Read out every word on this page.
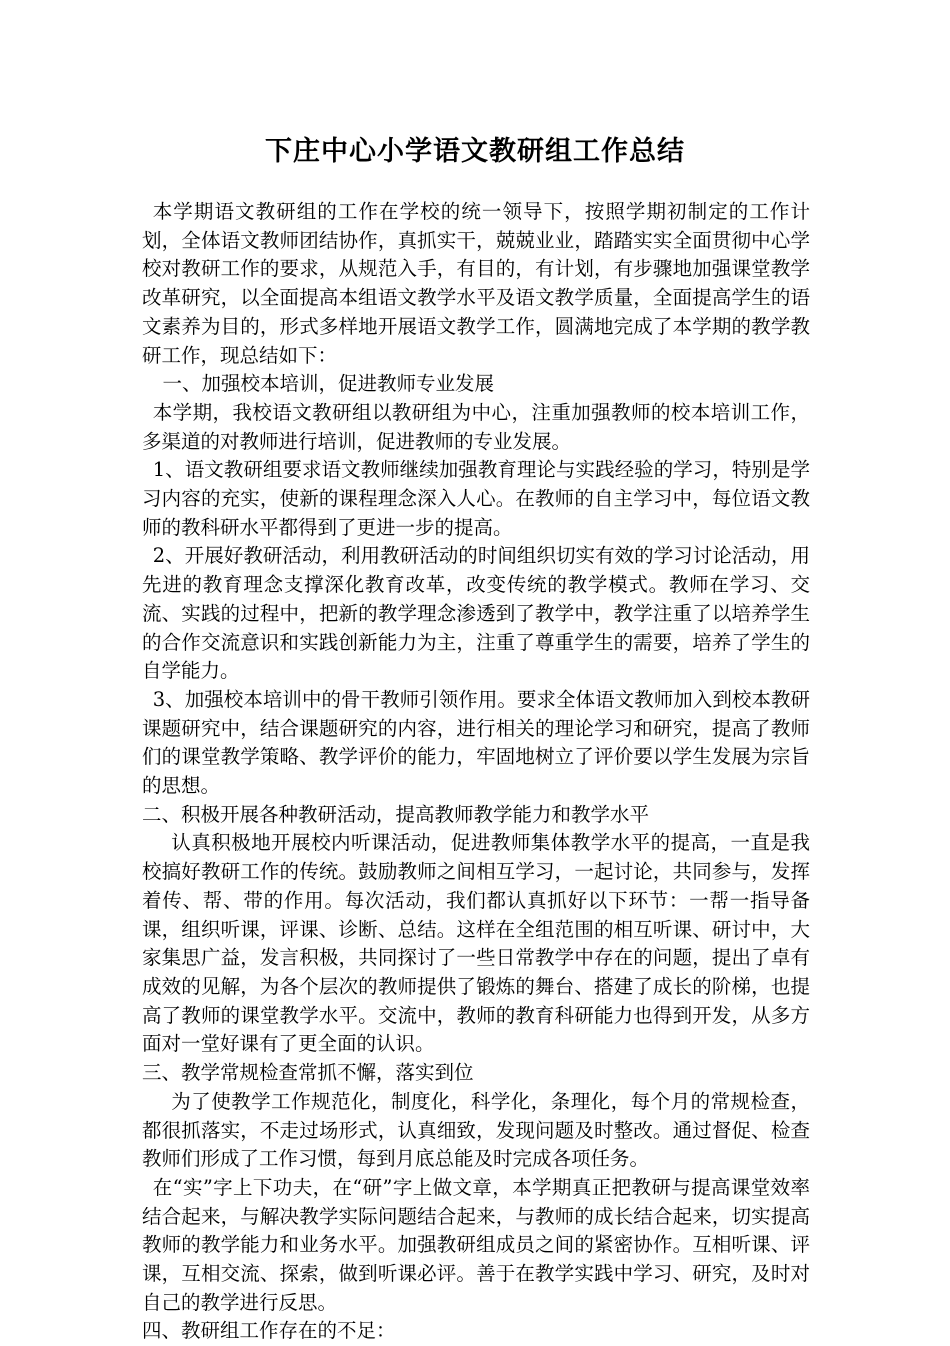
下庄中心小学语文教研组工作总结

本学期语文教研组的工作在学校的统一领导下，按照学期初制定的工作计划，全体语文教师团结协作，真抓实干，兢兢业业，踏踏实实全面贯彻中心学校对教研工作的要求，从规范入手，有目的，有计划，有步骤地加强课堂教学改革研究，以全面提高本组语文教学水平及语文教学质量，全面提高学生的语文素养为目的，形式多样地开展语文教学工作，圆满地完成了本学期的教学教研工作，现总结如下：

一、加强校本培训，促进教师专业发展

本学期，我校语文教研组以教研组为中心，注重加强教师的校本培训工作，多渠道的对教师进行培训，促进教师的专业发展。

1、语文教研组要求语文教师继续加强教育理论与实践经验的学习，特别是学习内容的充实，使新的课程理念深入人心。在教师的自主学习中，每位语文教师的教科研水平都得到了更进一步的提高。

2、开展好教研活动，利用教研活动的时间组织切实有效的学习讨论活动，用先进的教育理念支撑深化教育改革，改变传统的教学模式。教师在学习、交流、实践的过程中，把新的教学理念渗透到了教学中，教学注重了以培养学生的合作交流意识和实践创新能力为主，注重了尊重学生的需要，培养了学生的自学能力。

3、加强校本培训中的骨干教师引领作用。要求全体语文教师加入到校本教研课题研究中，结合课题研究的内容，进行相关的理论学习和研究，提高了教师们的课堂教学策略、教学评价的能力，牢固地树立了评价要以学生发展为宗旨的思想。

二、积极开展各种教研活动，提高教师教学能力和教学水平

认真积极地开展校内听课活动，促进教师集体教学水平的提高，一直是我校搞好教研工作的传统。鼓励教师之间相互学习，一起讨论，共同参与，发挥着传、帮、带的作用。每次活动，我们都认真抓好以下环节：一帮一指导备课，组织听课，评课、诊断、总结。这样在全组范围的相互听课、研讨中，大家集思广益，发言积极，共同探讨了一些日常教学中存在的问题，提出了卓有成效的见解，为各个层次的教师提供了锻炼的舞台、搭建了成长的阶梯，也提高了教师的课堂教学水平。交流中，教师的教育科研能力也得到开发，从多方面对一堂好课有了更全面的认识。

三、教学常规检查常抓不懈，落实到位

为了使教学工作规范化，制度化，科学化，条理化，每个月的常规检查，都很抓落实，不走过场形式，认真细致，发现问题及时整改。通过督促、检查教师们形成了工作习惯，每到月底总能及时完成各项任务。

在“实”字上下功夫，在“研”字上做文章，本学期真正把教研与提高课堂效率结合起来，与解决教学实际问题结合起来，与教师的成长结合起来，切实提高教师的教学能力和业务水平。加强教研组成员之间的紧密协作。互相听课、评课，互相交流、探索，做到听课必评。善于在教学实践中学习、研究，及时对自己的教学进行反思。

四、教研组工作存在的不足：
